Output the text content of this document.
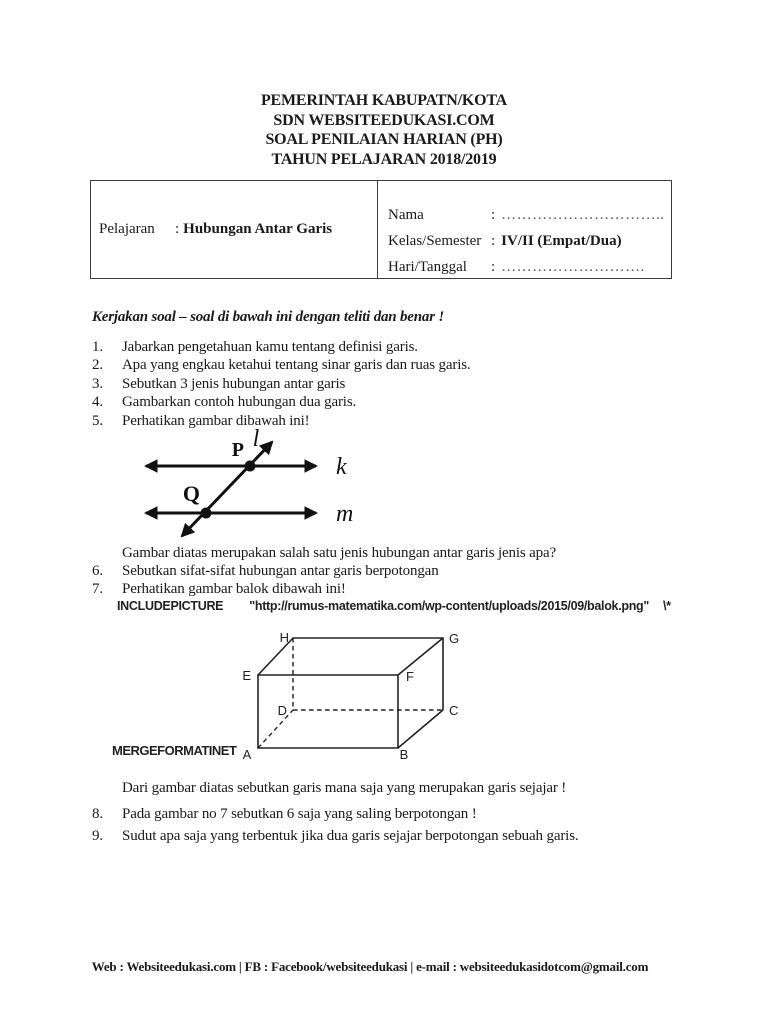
PEMERINTAH KABUPATN/KOTA
SDN WEBSITEEDUKASI.COM
SOAL PENILAIAN HARIAN (PH)
TAHUN PELAJARAN 2018/2019
Pelajaran	: Hubungan Antar Garis
Nama	: …………………………..
Kelas/Semester : IV/II (Empat/Dua)
Hari/Tanggal	: ……………………….
Kerjakan soal – soal di bawah ini dengan teliti dan benar !
1.	Jabarkan pengetahuan kamu tentang definisi garis.
2.	Apa yang engkau ketahui tentang sinar garis dan ruas garis.
3.	Sebutkan 3 jenis hubungan antar garis
4.	Gambarkan contoh hubungan dua garis.
5.	Perhatikan gambar dibawah ini!
P
Q
l
k
m
Gambar diatas merupakan salah satu jenis hubungan antar garis jenis apa?
6.	Sebutkan sifat-sifat hubungan antar garis berpotongan
7.	Perhatikan gambar balok dibawah ini!
INCLUDEPICTURE "http://rumus-matematika.com/wp-content/uploads/2015/09/balok.png" \*
A	B
C
D
E	F
G
H
MERGEFORMATINET
Dari gambar diatas sebutkan garis mana saja yang merupakan garis sejajar !
8.	Pada gambar no 7 sebutkan 6 saja yang saling berpotongan !
9.	Sudut apa saja yang terbentuk jika dua garis sejajar berpotongan sebuah garis.
Web : Websiteedukasi.com | FB : Facebook/websiteedukasi | e-mail : websiteedukasidotcom@gmail.com
